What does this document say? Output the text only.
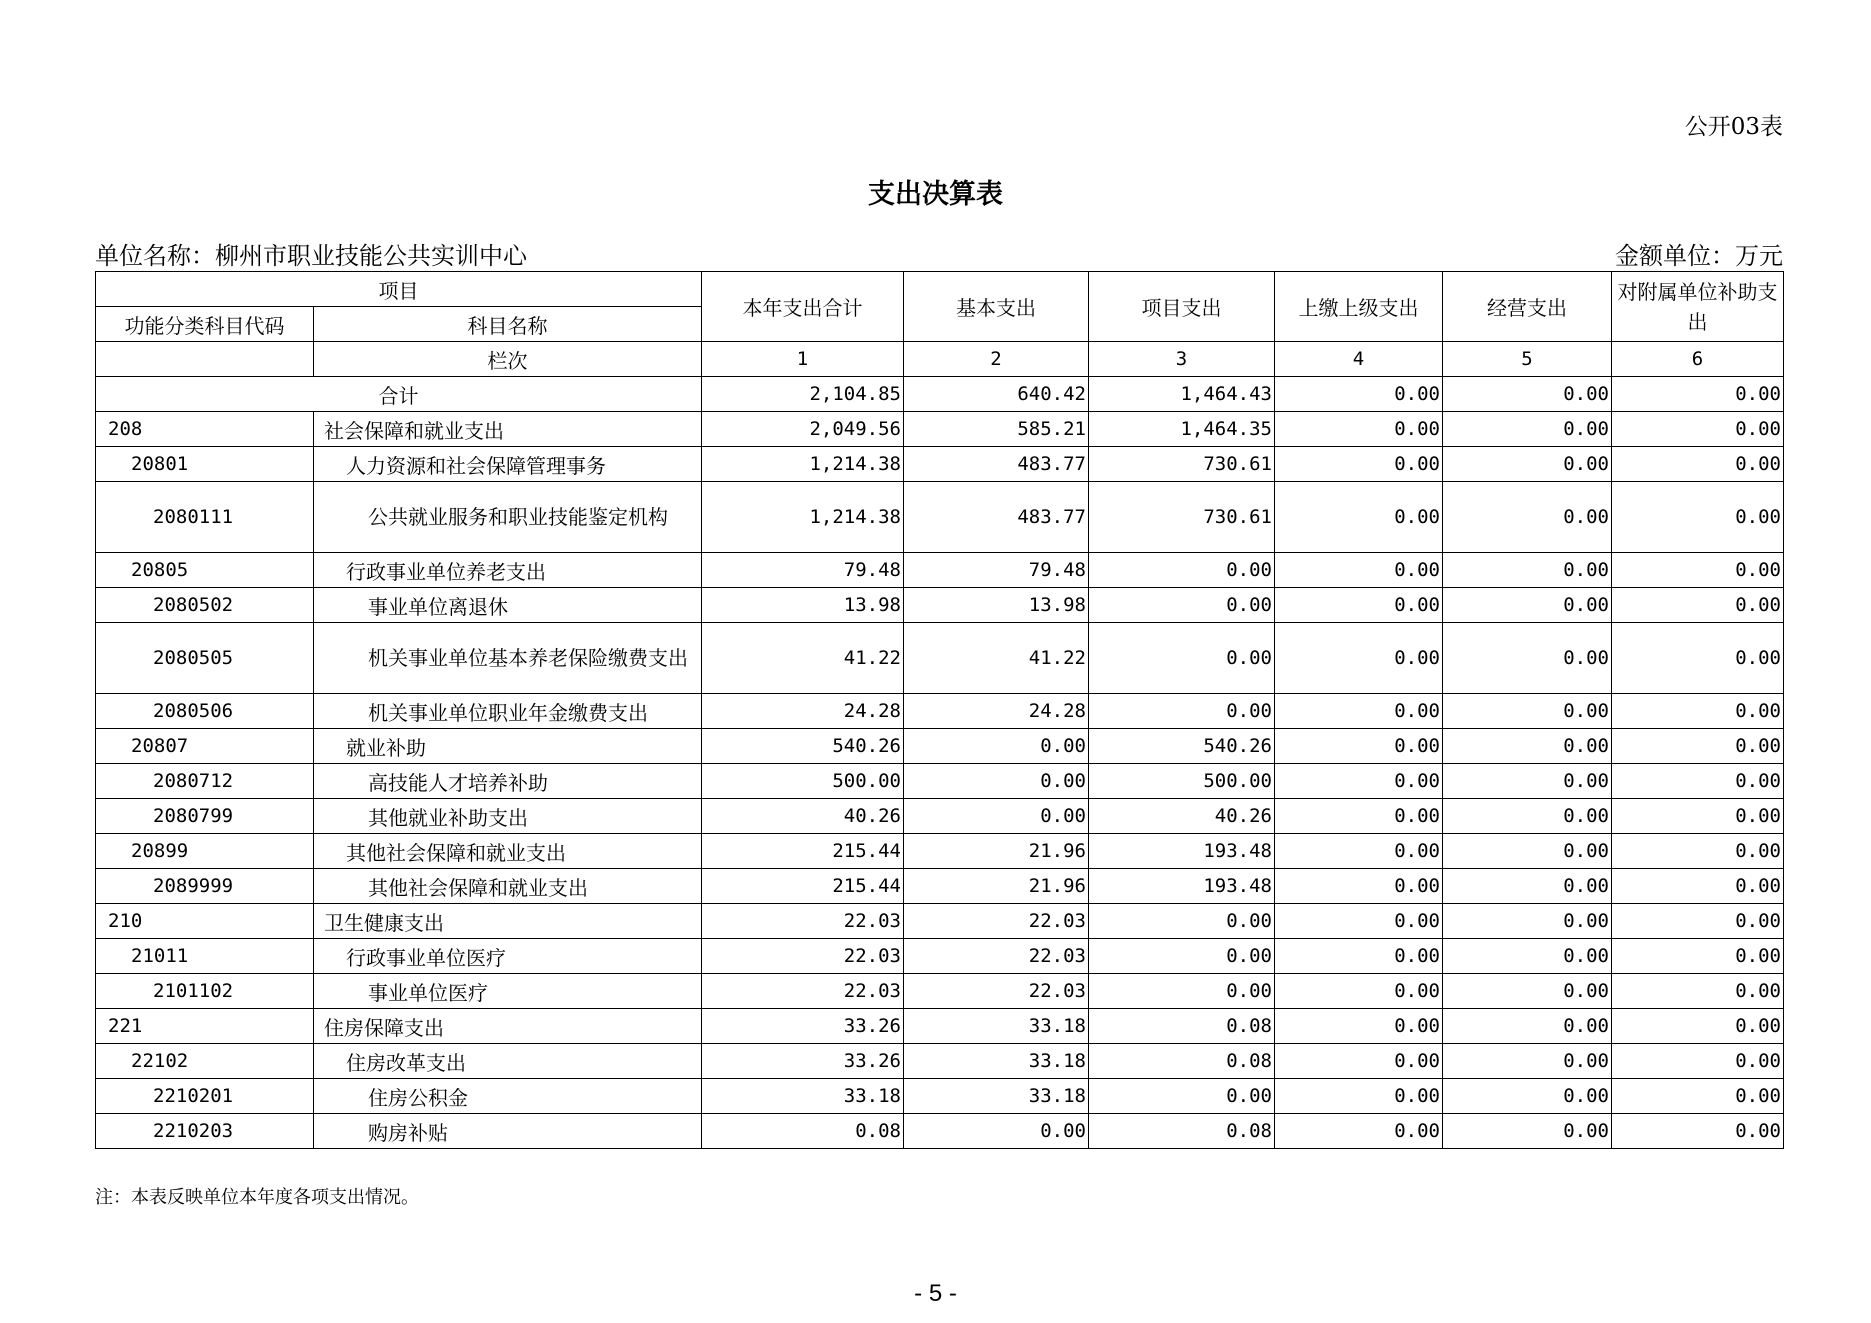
公开03表
支出决算表
单位名称：柳州市职业技能公共实训中心	金额单位：万元
项目		本年支出合计	基本支出	项目支出	上缴上级支出	经营支出	对附属单位补助支出
功能分类科目代码	科目名称						
	栏次	1	2	3	4	5	6
合计		2,104.85	640.42	1,464.43	0.00	0.00	0.00
208	社会保障和就业支出	2,049.56	585.21	1,464.35	0.00	0.00	0.00
20801	人力资源和社会保障管理事务	1,214.38	483.77	730.61	0.00	0.00	0.00
2080111	公共就业服务和职业技能鉴定机构	1,214.38	483.77	730.61	0.00	0.00	0.00
20805	行政事业单位养老支出	79.48	79.48	0.00	0.00	0.00	0.00
2080502	事业单位离退休	13.98	13.98	0.00	0.00	0.00	0.00
2080505	机关事业单位基本养老保险缴费支出	41.22	41.22	0.00	0.00	0.00	0.00
2080506	机关事业单位职业年金缴费支出	24.28	24.28	0.00	0.00	0.00	0.00
20807	就业补助	540.26	0.00	540.26	0.00	0.00	0.00
2080712	高技能人才培养补助	500.00	0.00	500.00	0.00	0.00	0.00
2080799	其他就业补助支出	40.26	0.00	40.26	0.00	0.00	0.00
20899	其他社会保障和就业支出	215.44	21.96	193.48	0.00	0.00	0.00
2089999	其他社会保障和就业支出	215.44	21.96	193.48	0.00	0.00	0.00
210	卫生健康支出	22.03	22.03	0.00	0.00	0.00	0.00
21011	行政事业单位医疗	22.03	22.03	0.00	0.00	0.00	0.00
2101102	事业单位医疗	22.03	22.03	0.00	0.00	0.00	0.00
221	住房保障支出	33.26	33.18	0.08	0.00	0.00	0.00
22102	住房改革支出	33.26	33.18	0.08	0.00	0.00	0.00
2210201	住房公积金	33.18	33.18	0.00	0.00	0.00	0.00
2210203	购房补贴	0.08	0.00	0.08	0.00	0.00	0.00
注：本表反映单位本年度各项支出情况。
- 5 -
